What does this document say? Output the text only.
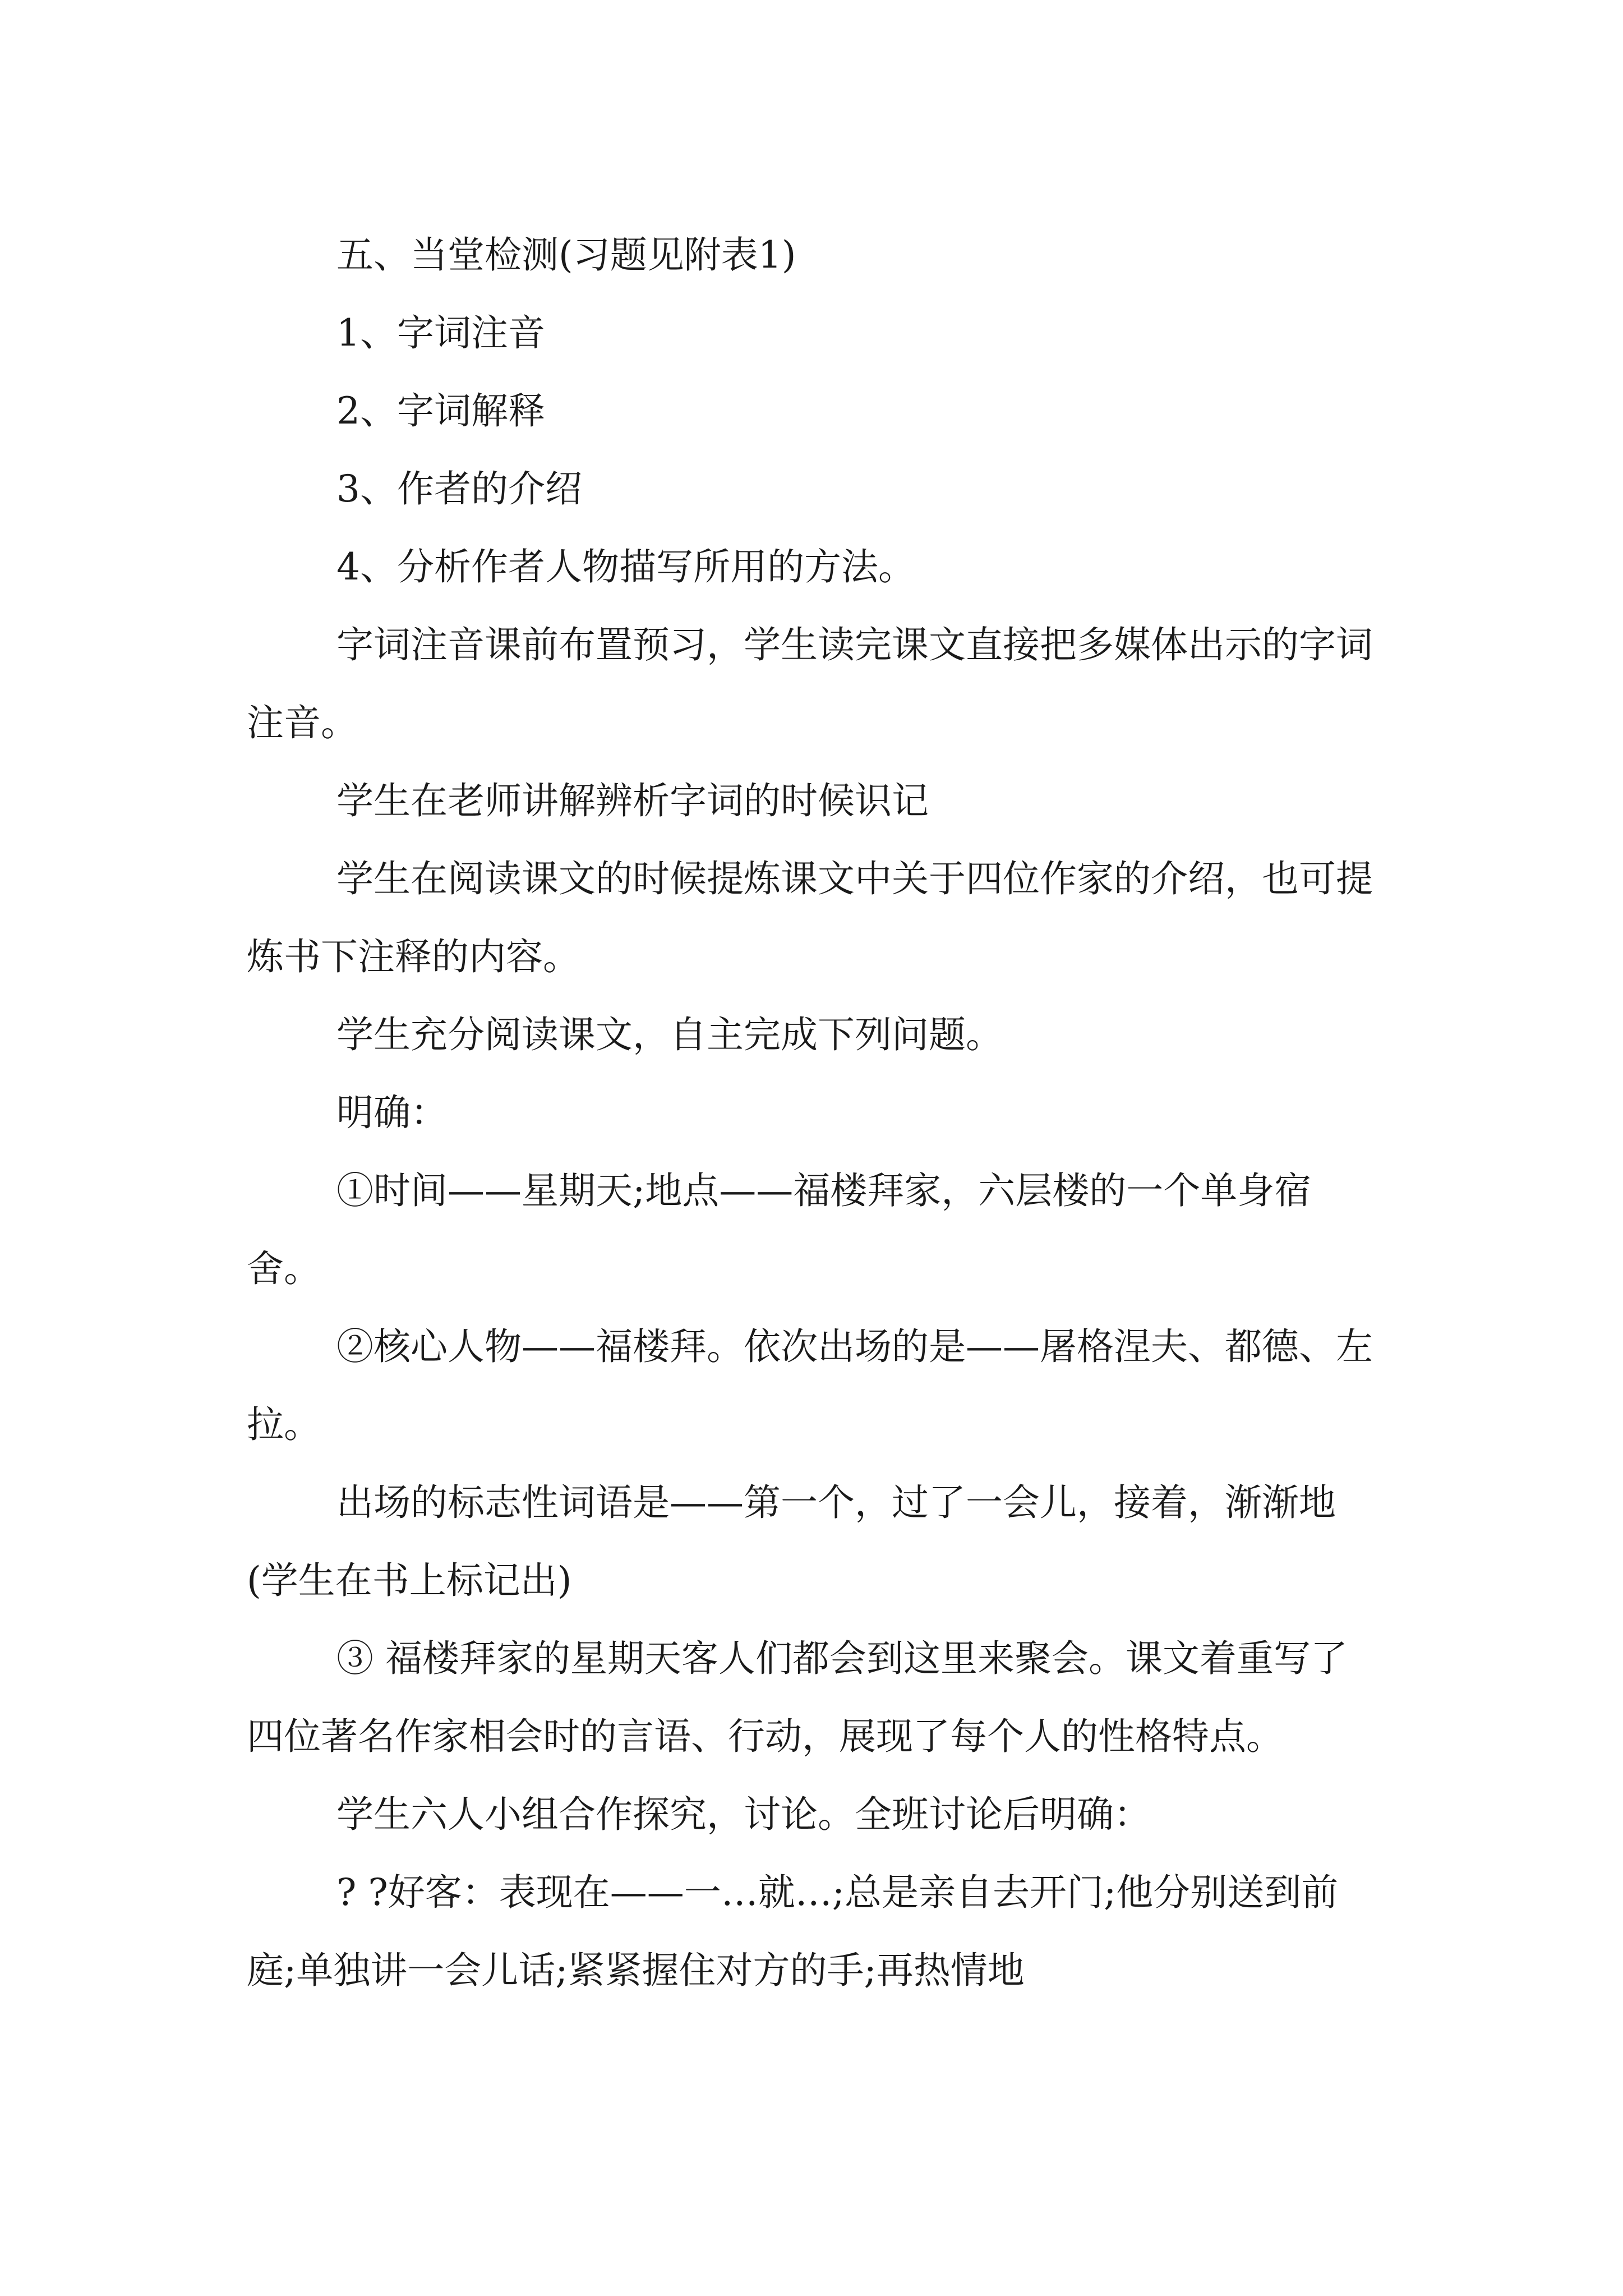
五、当堂检测(习题见附表1)

1、字词注音

2、字词解释

3、作者的介绍

4、分析作者人物描写所用的方法。

字词注音课前布置预习，学生读完课文直接把多媒体出示的字词注音。

学生在老师讲解辨析字词的时候识记

学生在阅读课文的时候提炼课文中关于四位作家的介绍，也可提炼书下注释的内容。

学生充分阅读课文，自主完成下列问题。

明确：

①时间——星期天;地点——福楼拜家，六层楼的一个单身宿舍。

②核心人物——福楼拜。依次出场的是——屠格涅夫、都德、左拉。

出场的标志性词语是——第一个，过了一会儿，接着，渐渐地(学生在书上标记出)

③ 福楼拜家的星期天客人们都会到这里来聚会。课文着重写了四位著名作家相会时的言语、行动，展现了每个人的性格特点。

学生六人小组合作探究，讨论。全班讨论后明确：

? ?好客：表现在——一…就…;总是亲自去开门;他分别送到前庭;单独讲一会儿话;紧紧握住对方的手;再热情地
